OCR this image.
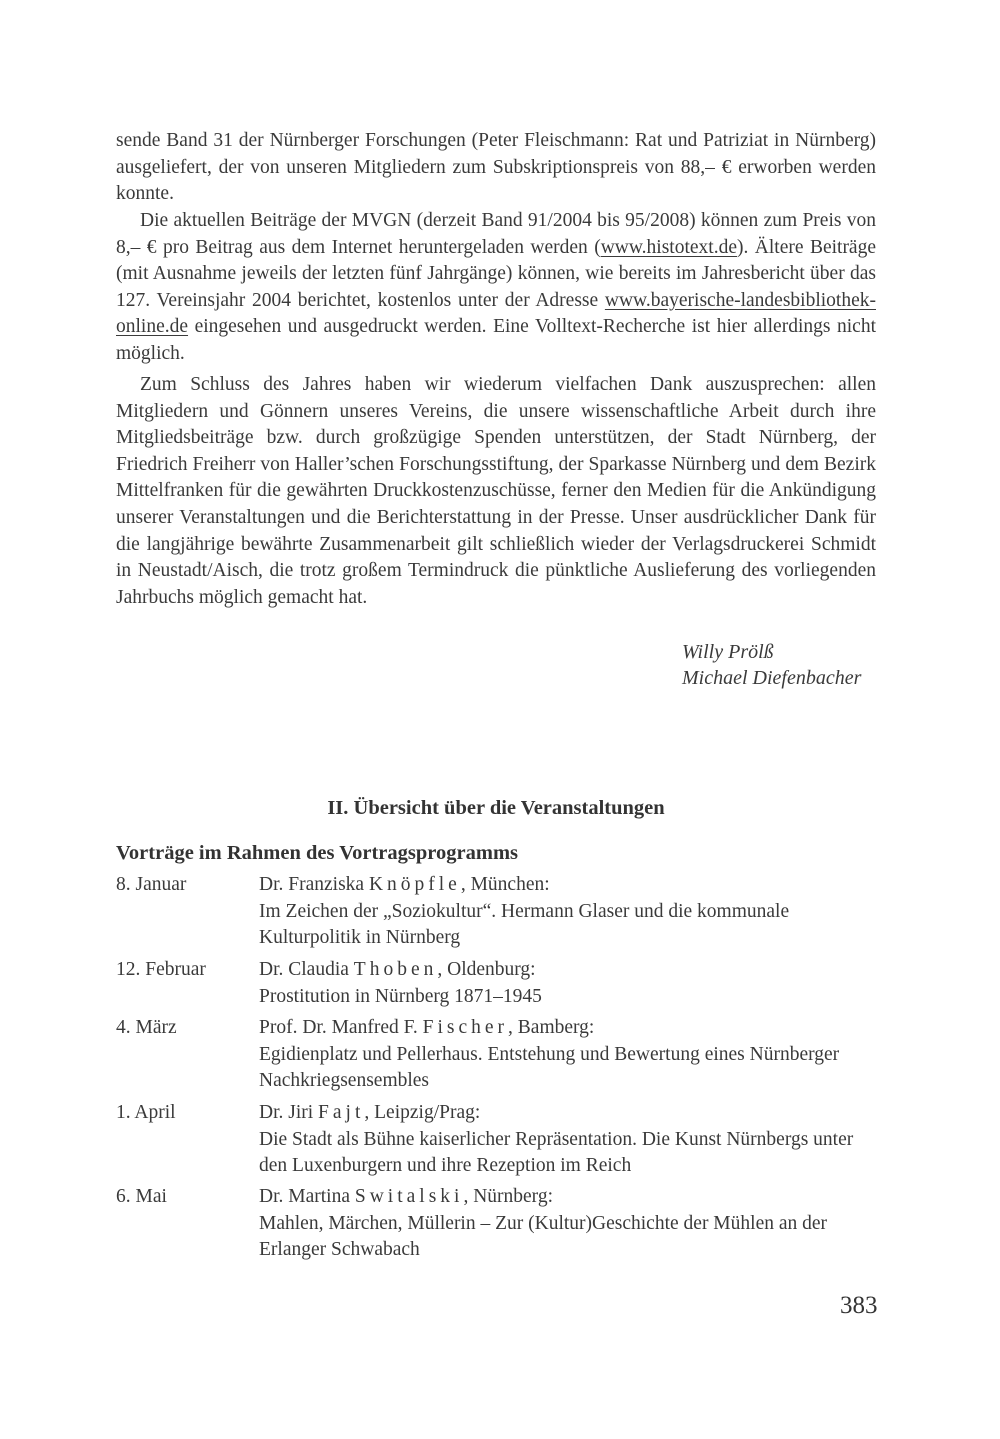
sende Band 31 der Nürnberger Forschungen (Peter Fleischmann: Rat und Patriziat in Nürnberg) ausgeliefert, der von unseren Mitgliedern zum Subskriptionspreis von 88,– € erworben werden konnte.

Die aktuellen Beiträge der MVGN (derzeit Band 91/2004 bis 95/2008) können zum Preis von 8,– € pro Beitrag aus dem Internet heruntergeladen werden (www.histotext.de). Ältere Beiträge (mit Ausnahme jeweils der letzten fünf Jahrgänge) können, wie bereits im Jahresbericht über das 127. Vereinsjahr 2004 berichtet, kostenlos unter der Adresse www.bayerische-landesbibliothek-online.de eingesehen und ausgedruckt werden. Eine Volltext-Recherche ist hier allerdings nicht möglich.

Zum Schluss des Jahres haben wir wiederum vielfachen Dank auszusprechen: allen Mitgliedern und Gönnern unseres Vereins, die unsere wissenschaftliche Arbeit durch ihre Mitgliedsbeiträge bzw. durch großzügige Spenden unterstützen, der Stadt Nürnberg, der Friedrich Freiherr von Haller’schen Forschungsstiftung, der Sparkasse Nürnberg und dem Bezirk Mittelfranken für die gewährten Druckkostenzuschüsse, ferner den Medien für die Ankündigung unserer Veranstaltungen und die Berichterstattung in der Presse. Unser ausdrücklicher Dank für die langjährige bewährte Zusammenarbeit gilt schließlich wieder der Verlagsdruckerei Schmidt in Neustadt/Aisch, die trotz großem Termindruck die pünktliche Auslieferung des vorliegenden Jahrbuchs möglich gemacht hat.

Willy Prölß

Michael Diefenbacher

II. Übersicht über die Veranstaltungen
Vorträge im Rahmen des Vortragsprogramms
8. Januar	Dr. Franziska Knöpfle, München:
Im Zeichen der „Soziokultur“. Hermann Glaser und die kommunale Kulturpolitik in Nürnberg
12. Februar	Dr. Claudia Thoben, Oldenburg:
Prostitution in Nürnberg 1871–1945
4. März	Prof. Dr. Manfred F. Fischer, Bamberg:
Egidienplatz und Pellerhaus. Entstehung und Bewertung eines Nürnberger Nachkriegsensembles
1. April	Dr. Jiri Fajt, Leipzig/Prag:
Die Stadt als Bühne kaiserlicher Repräsentation. Die Kunst Nürnbergs unter den Luxenburgern und ihre Rezeption im Reich
6. Mai	Dr. Martina Switalski, Nürnberg:
Mahlen, Märchen, Müllerin – Zur (Kultur)Geschichte der Mühlen an der Erlanger Schwabach

383
